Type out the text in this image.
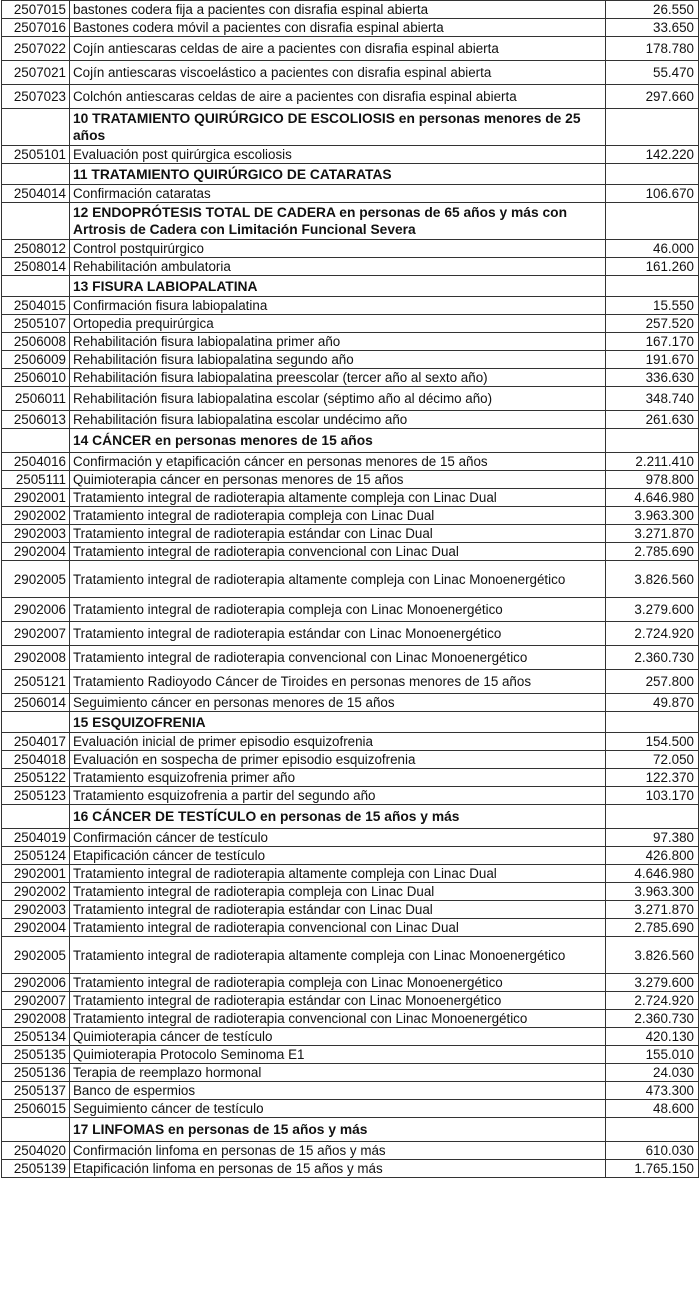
2507015	bastones codera fija a pacientes con disrafia espinal abierta	26.550
2507016	Bastones codera móvil a pacientes con disrafia espinal abierta	33.650
2507022	Cojín antiescaras celdas de aire a pacientes con disrafia espinal abierta	178.780
2507021	Cojín antiescaras viscoelástico a pacientes con disrafia espinal abierta	55.470
2507023	Colchón antiescaras celdas de aire a pacientes con disrafia espinal abierta	297.660
	10 TRATAMIENTO QUIRÚRGICO DE ESCOLIOSIS en personas menores de 25 años	
2505101	Evaluación post quirúrgica escoliosis	142.220
	11 TRATAMIENTO QUIRÚRGICO DE CATARATAS	
2504014	Confirmación cataratas	106.670
	12 ENDOPRÓTESIS TOTAL DE CADERA en personas de 65 años y más con Artrosis de Cadera con Limitación Funcional Severa	
2508012	Control postquirúrgico	46.000
2508014	Rehabilitación ambulatoria	161.260
	13 FISURA LABIOPALATINA	
2504015	Confirmación fisura labiopalatina	15.550
2505107	Ortopedia prequirúrgica	257.520
2506008	Rehabilitación fisura labiopalatina primer año	167.170
2506009	Rehabilitación fisura labiopalatina segundo año	191.670
2506010	Rehabilitación fisura labiopalatina preescolar (tercer año al sexto año)	336.630
2506011	Rehabilitación fisura labiopalatina escolar (séptimo año al décimo año)	348.740
2506013	Rehabilitación fisura labiopalatina escolar undécimo año	261.630
	14 CÁNCER en personas menores de 15 años	
2504016	Confirmación y etapificación cáncer en personas menores de 15 años	2.211.410
2505111	Quimioterapia cáncer en personas menores de 15 años	978.800
2902001	Tratamiento integral de radioterapia altamente compleja con Linac Dual	4.646.980
2902002	Tratamiento integral de radioterapia compleja con Linac Dual	3.963.300
2902003	Tratamiento integral de radioterapia estándar con Linac Dual	3.271.870
2902004	Tratamiento integral de radioterapia convencional con Linac Dual	2.785.690
2902005	Tratamiento integral de radioterapia altamente compleja con Linac Monoenergético	3.826.560
2902006	Tratamiento integral de radioterapia compleja con Linac Monoenergético	3.279.600
2902007	Tratamiento integral de radioterapia estándar con Linac Monoenergético	2.724.920
2902008	Tratamiento integral de radioterapia convencional con Linac Monoenergético	2.360.730
2505121	Tratamiento Radioyodo Cáncer de Tiroides en personas menores de 15 años	257.800
2506014	Seguimiento cáncer en personas menores de 15 años	49.870
	15 ESQUIZOFRENIA	
2504017	Evaluación inicial de primer episodio esquizofrenia	154.500
2504018	Evaluación en sospecha de primer episodio esquizofrenia	72.050
2505122	Tratamiento esquizofrenia primer año	122.370
2505123	Tratamiento esquizofrenia a partir del segundo año	103.170
	16 CÁNCER DE TESTÍCULO en personas de 15 años y más	
2504019	Confirmación cáncer de testículo	97.380
2505124	Etapificación cáncer de testículo	426.800
2902001	Tratamiento integral de radioterapia altamente compleja con Linac Dual	4.646.980
2902002	Tratamiento integral de radioterapia compleja con Linac Dual	3.963.300
2902003	Tratamiento integral de radioterapia estándar con Linac Dual	3.271.870
2902004	Tratamiento integral de radioterapia convencional con Linac Dual	2.785.690
2902005	Tratamiento integral de radioterapia altamente compleja con Linac Monoenergético	3.826.560
2902006	Tratamiento integral de radioterapia compleja con Linac Monoenergético	3.279.600
2902007	Tratamiento integral de radioterapia estándar con Linac Monoenergético	2.724.920
2902008	Tratamiento integral de radioterapia convencional con Linac Monoenergético	2.360.730
2505134	Quimioterapia cáncer de testículo	420.130
2505135	Quimioterapia Protocolo Seminoma E1	155.010
2505136	Terapia de reemplazo hormonal	24.030
2505137	Banco de espermios	473.300
2506015	Seguimiento cáncer de testículo	48.600
	17 LINFOMAS en personas de 15 años y más	
2504020	Confirmación linfoma en personas de 15 años y más	610.030
2505139	Etapificación linfoma en personas de 15 años y más	1.765.150
